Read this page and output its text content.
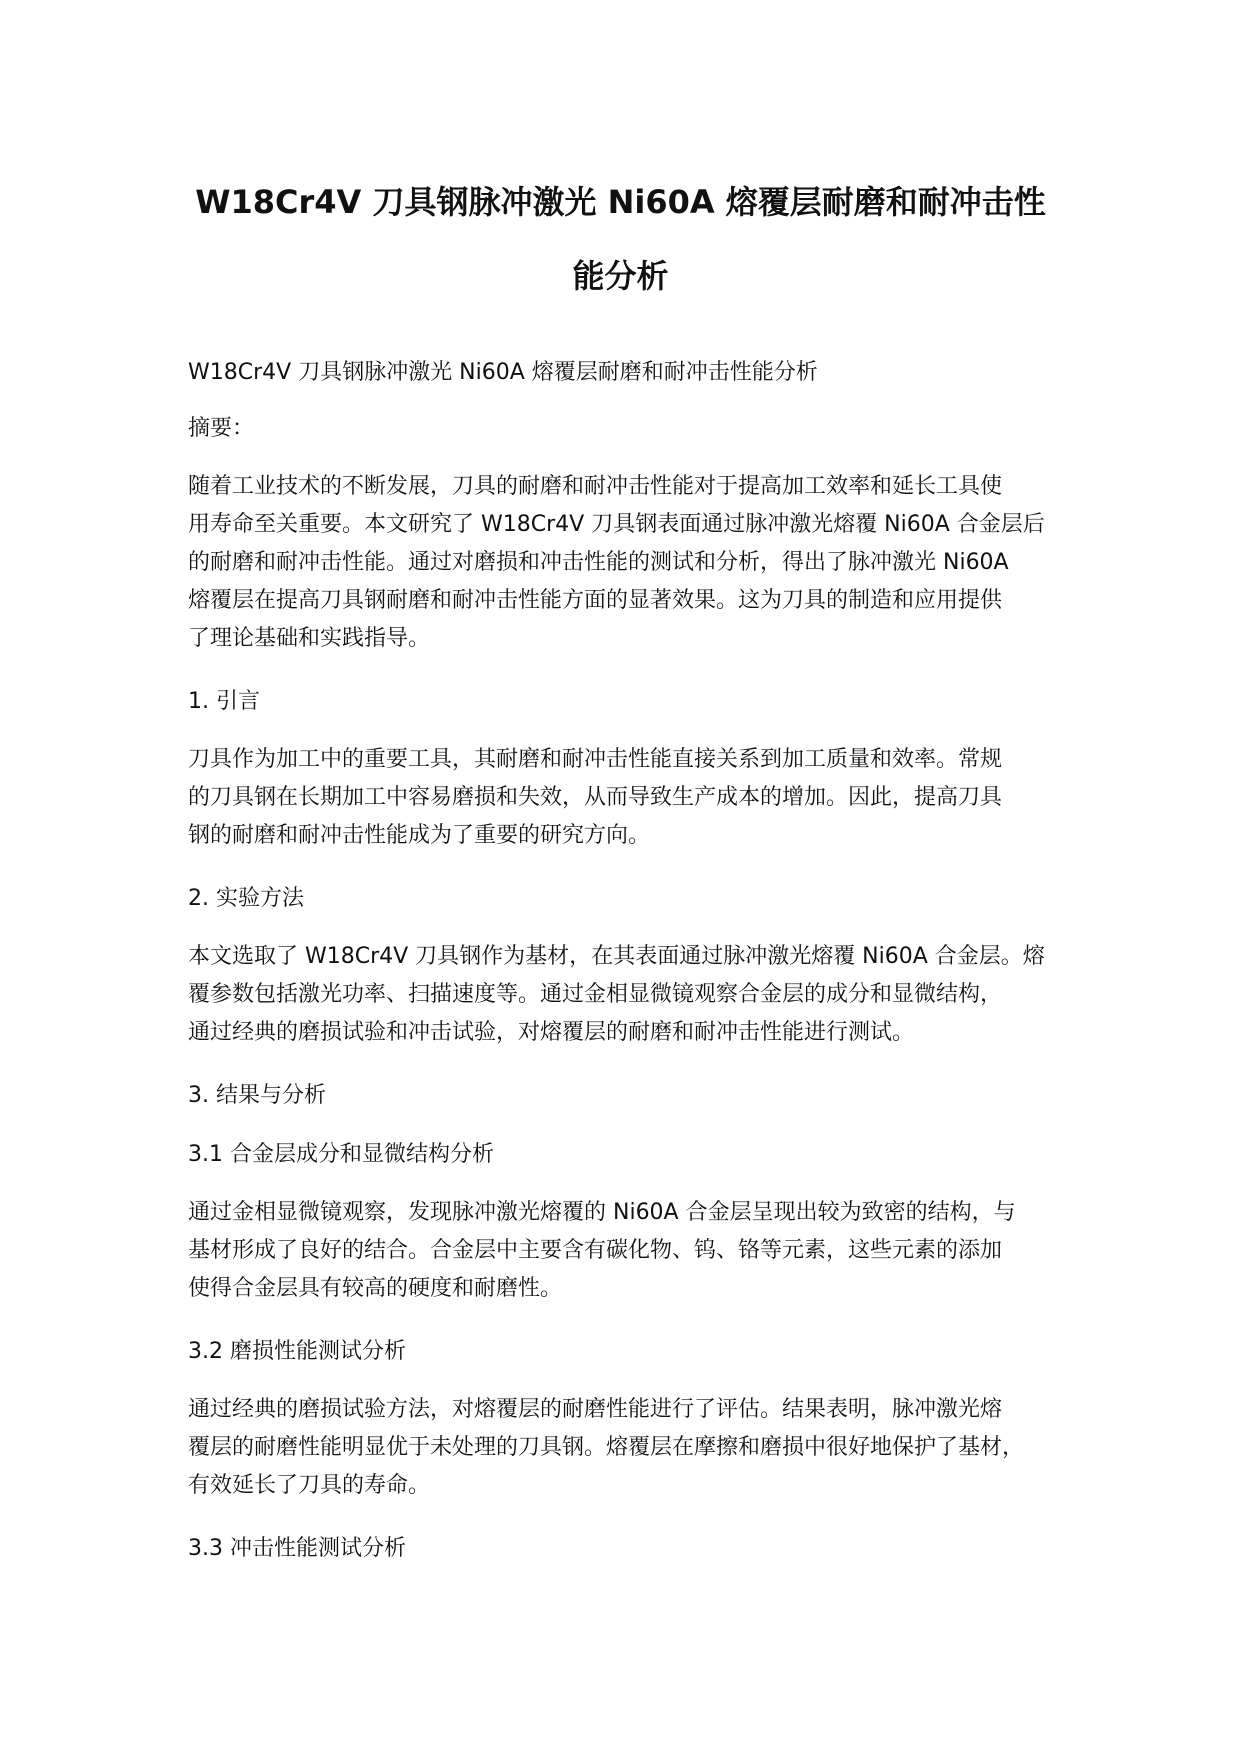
W18Cr4V 刀具钢脉冲激光 Ni60A 熔覆层耐磨和耐冲击性
能分析

W18Cr4V 刀具钢脉冲激光 Ni60A 熔覆层耐磨和耐冲击性能分析

摘要：

随着工业技术的不断发展，刀具的耐磨和耐冲击性能对于提高加工效率和延长工具使

用寿命至关重要。本文研究了 W18Cr4V 刀具钢表面通过脉冲激光熔覆 Ni60A 合金层后

的耐磨和耐冲击性能。通过对磨损和冲击性能的测试和分析，得出了脉冲激光 Ni60A

熔覆层在提高刀具钢耐磨和耐冲击性能方面的显著效果。这为刀具的制造和应用提供

了理论基础和实践指导。

1. 引言

刀具作为加工中的重要工具，其耐磨和耐冲击性能直接关系到加工质量和效率。常规

的刀具钢在长期加工中容易磨损和失效，从而导致生产成本的增加。因此，提高刀具

钢的耐磨和耐冲击性能成为了重要的研究方向。

2. 实验方法

本文选取了 W18Cr4V 刀具钢作为基材，在其表面通过脉冲激光熔覆 Ni60A 合金层。熔

覆参数包括激光功率、扫描速度等。通过金相显微镜观察合金层的成分和显微结构，

通过经典的磨损试验和冲击试验，对熔覆层的耐磨和耐冲击性能进行测试。

3. 结果与分析

3.1 合金层成分和显微结构分析

通过金相显微镜观察，发现脉冲激光熔覆的 Ni60A 合金层呈现出较为致密的结构，与

基材形成了良好的结合。合金层中主要含有碳化物、钨、铬等元素，这些元素的添加

使得合金层具有较高的硬度和耐磨性。

3.2 磨损性能测试分析

通过经典的磨损试验方法，对熔覆层的耐磨性能进行了评估。结果表明，脉冲激光熔

覆层的耐磨性能明显优于未处理的刀具钢。熔覆层在摩擦和磨损中很好地保护了基材，

有效延长了刀具的寿命。

3.3 冲击性能测试分析
